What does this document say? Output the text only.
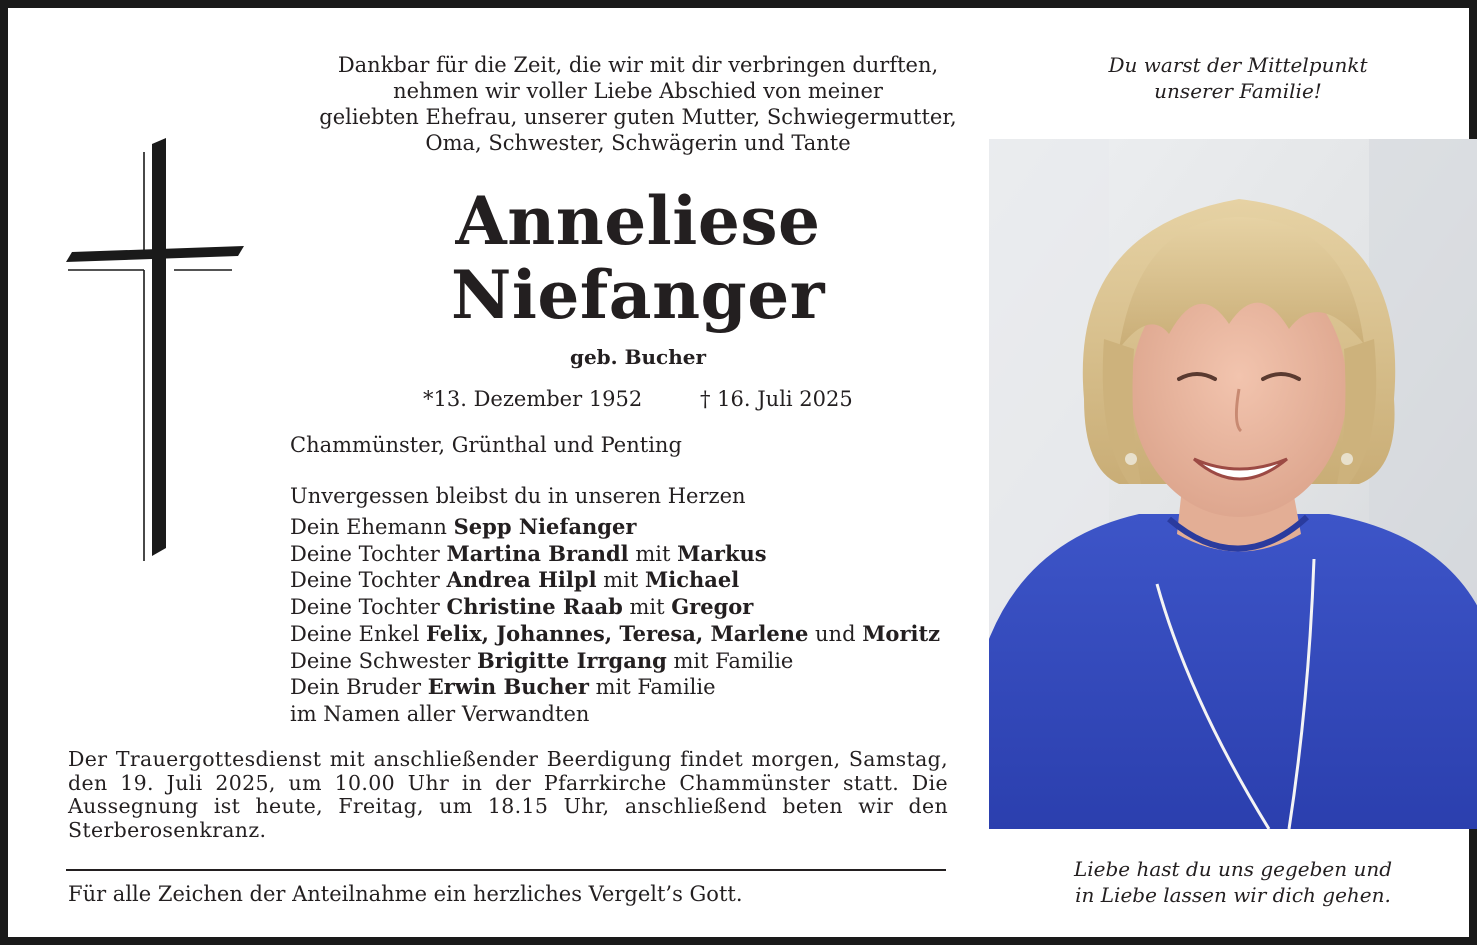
Dankbar für die Zeit, die wir mit dir verbringen durften,
nehmen wir voller Liebe Abschied von meiner
geliebten Ehefrau, unserer guten Mutter, Schwiegermutter,
Oma, Schwester, Schwägerin und Tante
Anneliese
Niefanger
geb. Bucher
*13. Dezember 1952	† 16. Juli 2025
Chammünster, Grünthal und Penting
Unvergessen bleibst du in unseren Herzen
Dein Ehemann Sepp Niefanger
Deine Tochter Martina Brandl mit Markus
Deine Tochter Andrea Hilpl mit Michael
Deine Tochter Christine Raab mit Gregor
Deine Enkel Felix, Johannes, Teresa, Marlene und Moritz
Deine Schwester Brigitte Irrgang mit Familie
Dein Bruder Erwin Bucher mit Familie
im Namen aller Verwandten
Der Trauergottesdienst mit anschließender Beerdigung findet morgen, Samstag, den 19. Juli 2025, um 10.00 Uhr in der Pfarrkirche Chammünster statt. Die Aussegnung ist heute, Freitag, um 18.15 Uhr, anschließend beten wir den Sterberosenkranz.
Für alle Zeichen der Anteilnahme ein herzliches Vergelt’s Gott.
Du warst der Mittelpunkt
unserer Familie!
Liebe hast du uns gegeben und
in Liebe lassen wir dich gehen.
